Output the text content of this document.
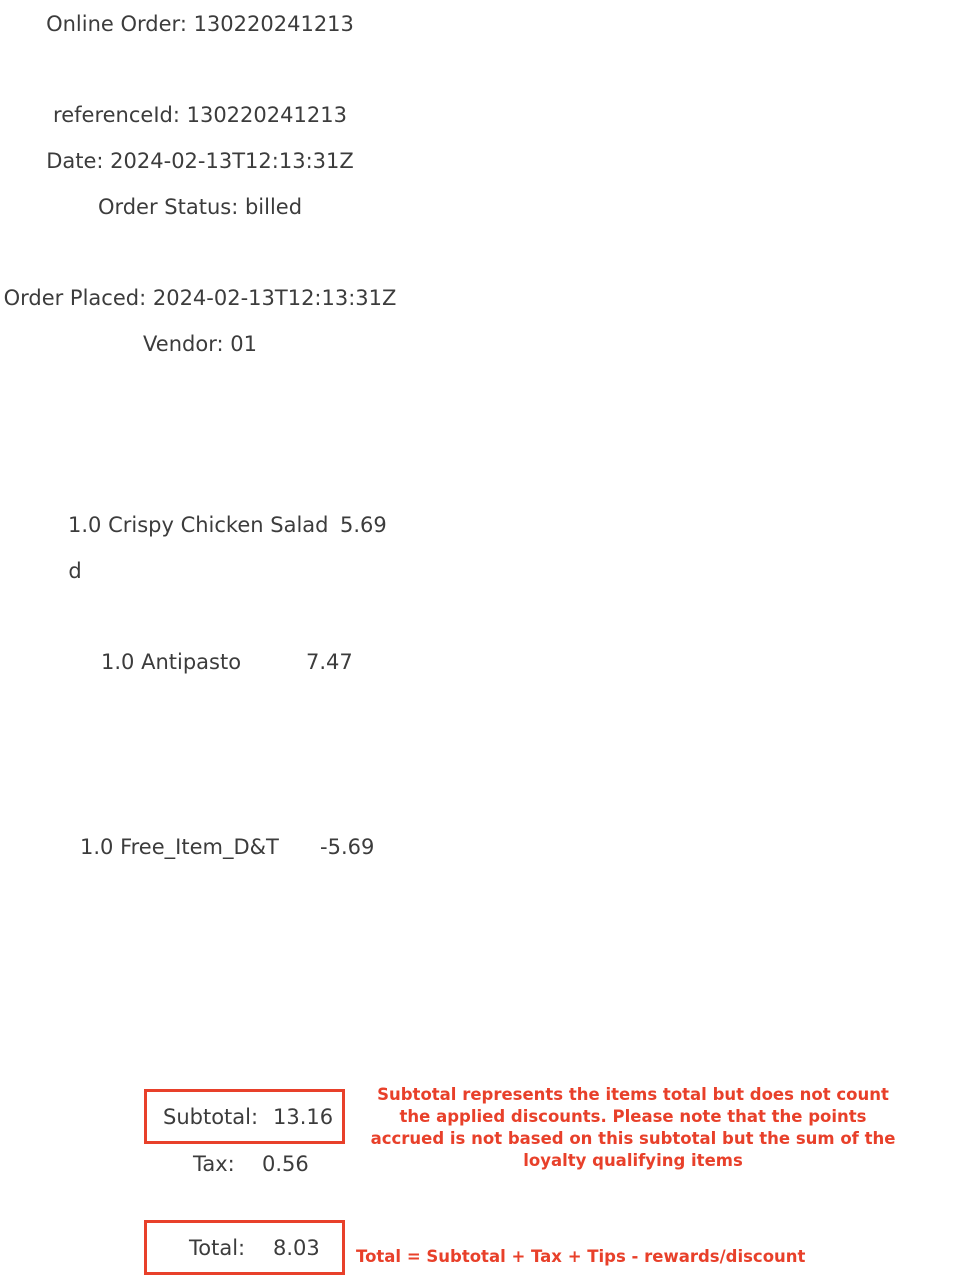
Online Order: 130220241213
referenceId: 130220241213
Date: 2024-02-13T12:13:31Z
Order Status: billed
Order Placed: 2024-02-13T12:13:31Z
Vendor: 01
1.0 Crispy Chicken Salad 5.69
d
1.0 Antipasto	7.47
1.0 Free_Item_D&T -5.69
Subtotal: 13.16
Tax: 0.56
Total: 8.03
Subtotal represents the items total but does not count the applied discounts. Please note that the points accrued is not based on this subtotal but the sum of the loyalty qualifying items
Total = Subtotal + Tax + Tips - rewards/discount
